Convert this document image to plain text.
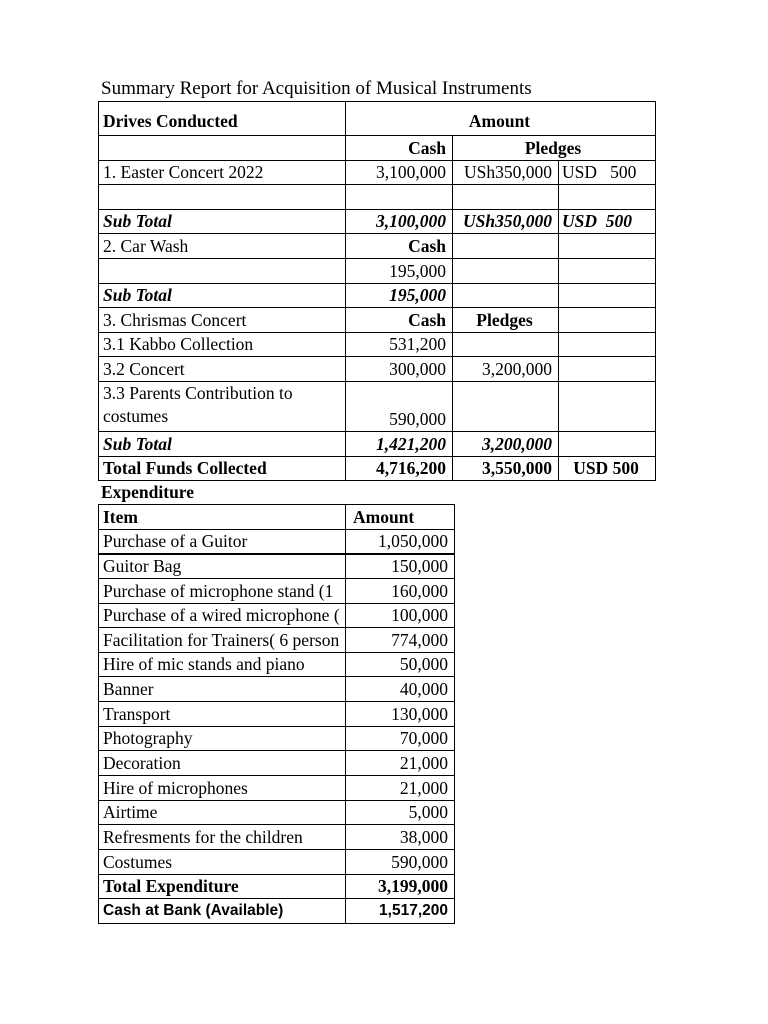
Summary Report for Acquisition of Musical Instruments
Drives Conducted	Amount		
	Cash	Pledges	
1. Easter Concert 2022	3,100,000	USh350,000	USD   500

Sub Total	3,100,000	USh350,000	USD  500
2. Car Wash	Cash		
	195,000		
Sub Total	195,000		
3. Chrismas Concert	Cash	Pledges	
3.1 Kabbo Collection	531,200		
3.2 Concert	300,000	3,200,000	
3.3 Parents Contribution to costumes	590,000		
Sub Total	1,421,200	3,200,000	
Total Funds Collected	4,716,200	3,550,000	USD 500
Expenditure
Item	Amount
Purchase of a Guitor	1,050,000
Guitor Bag	150,000
Purchase of microphone stand (1	160,000
Purchase of a wired microphone (	100,000
Facilitation for Trainers( 6 person	774,000
Hire of mic stands and piano	50,000
Banner	40,000
Transport	130,000
Photography	70,000
Decoration	21,000
Hire of microphones	21,000
Airtime	5,000
Refresments for the children	38,000
Costumes	590,000
Total Expenditure	3,199,000
Cash at Bank (Available)	1,517,200
